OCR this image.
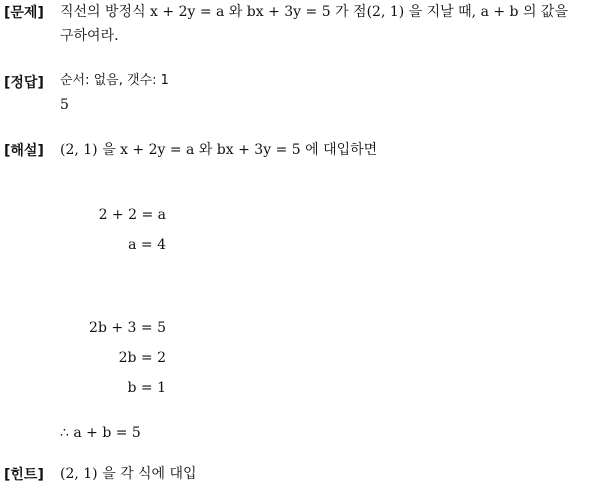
[문제] 직선의 방정식 x + 2y = a 와 bx + 3y = 5 가 점(2, 1) 을 지날 때, a + b 의 값을
구하여라.
[정답] 순서: 없음, 갯수: 1
5
[해설] (2, 1) 을 x + 2y = a 와 bx + 3y = 5 에 대입하면
2 + 2 = a
a = 4
2b + 3 = 5
2b = 2
b = 1
∴ a + b = 5
[힌트] (2, 1) 을 각 식에 대입
